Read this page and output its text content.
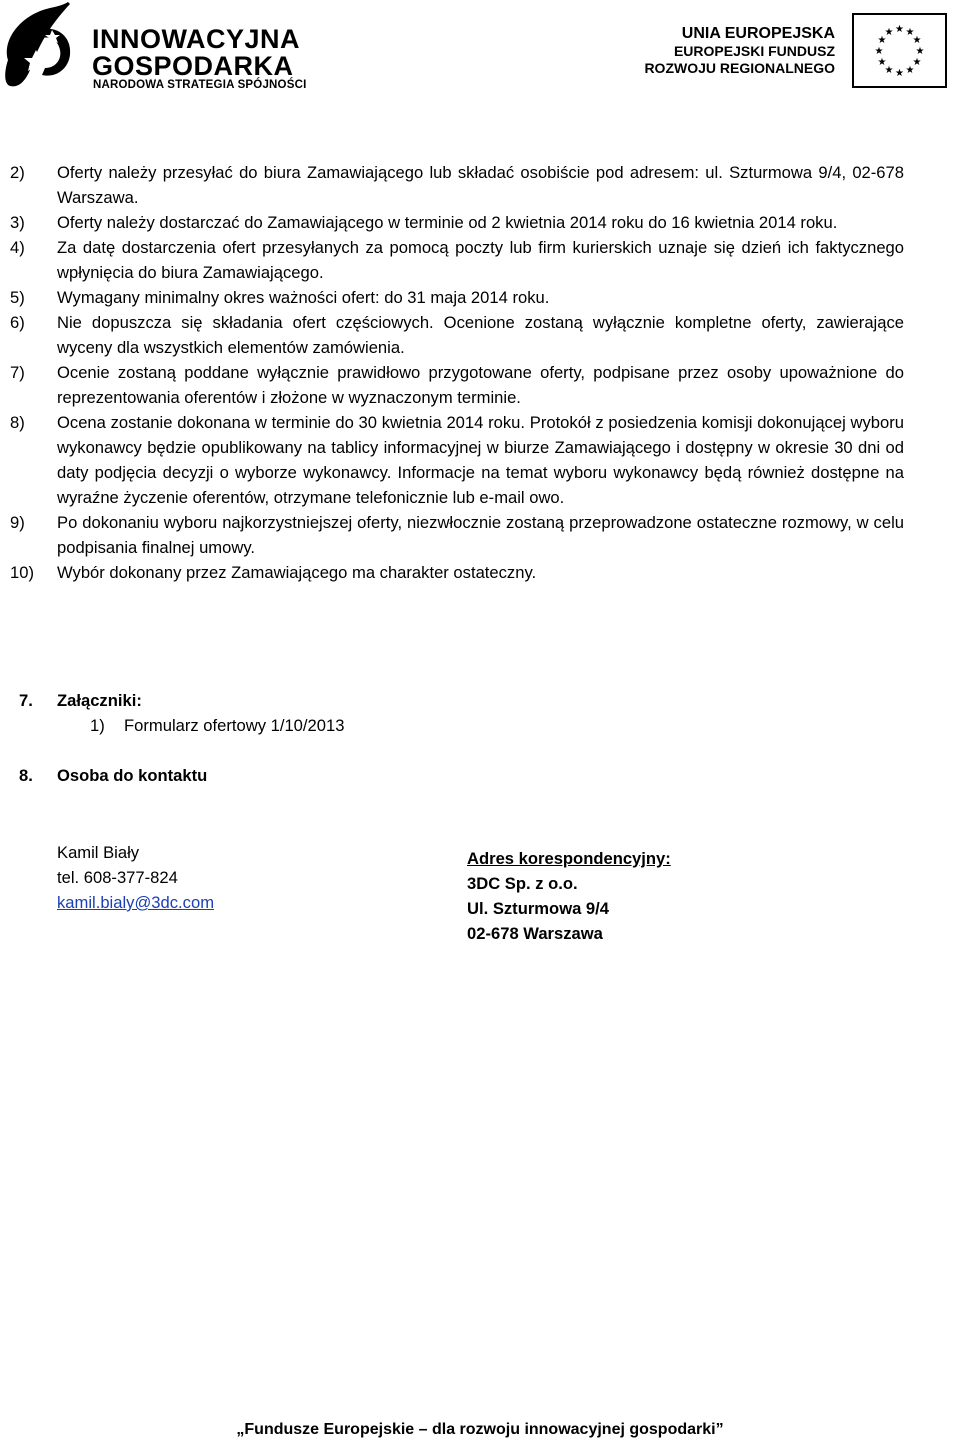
INNOWACYJNA
GOSPODARKA
NARODOWA STRATEGIA SPÓJNOŚCI
UNIA EUROPEJSKA
EUROPEJSKI FUNDUSZ
ROZWOJU REGIONALNEGO
★ ★
★
★
★
★
★
★
★
★
★
★
2) Oferty należy przesyłać do biura Zamawiającego lub składać osobiście pod adresem: ul. Szturmowa 9/4, 02-678 Warszawa.

3) Oferty należy dostarczać do Zamawiającego w terminie od 2 kwietnia 2014 roku do 16 kwietnia 2014 roku.

4) Za datę dostarczenia ofert przesyłanych za pomocą poczty lub firm kurierskich uznaje się dzień ich faktycznego wpłynięcia do biura Zamawiającego.

5) Wymagany minimalny okres ważności ofert: do 31 maja 2014 roku.

6) Nie dopuszcza się składania ofert częściowych. Ocenione zostaną wyłącznie kompletne oferty, zawierające wyceny dla wszystkich elementów zamówienia.

7) Ocenie zostaną poddane wyłącznie prawidłowo przygotowane oferty, podpisane przez osoby upoważnione do reprezentowania oferentów i złożone w wyznaczonym terminie.

8) Ocena zostanie dokonana w terminie do 30 kwietnia 2014 roku. Protokół z posiedzenia komisji dokonującej wyboru wykonawcy będzie opublikowany na tablicy informacyjnej w biurze Zamawiającego i dostępny w okresie 30 dni od daty podjęcia decyzji o wyborze wykonawcy. Informacje na temat wyboru wykonawcy będą również dostępne na wyraźne życzenie oferentów, otrzymane telefonicznie lub e-mail owo.

9) Po dokonaniu wyboru najkorzystniejszej oferty, niezwłocznie zostaną przeprowadzone ostateczne rozmowy, w celu podpisania finalnej umowy.

10) Wybór dokonany przez Zamawiającego ma charakter ostateczny.

7. Załączniki:
1) Formularz ofertowy 1/10/2013
8. Osoba do kontaktu
Kamil Biały
tel. 608-377-824
kamil.bialy@3dc.com
Adres korespondencyjny:
3DC Sp. z o.o.
Ul. Szturmowa 9/4
02-678 Warszawa
„Fundusze Europejskie – dla rozwoju innowacyjnej gospodarki”
